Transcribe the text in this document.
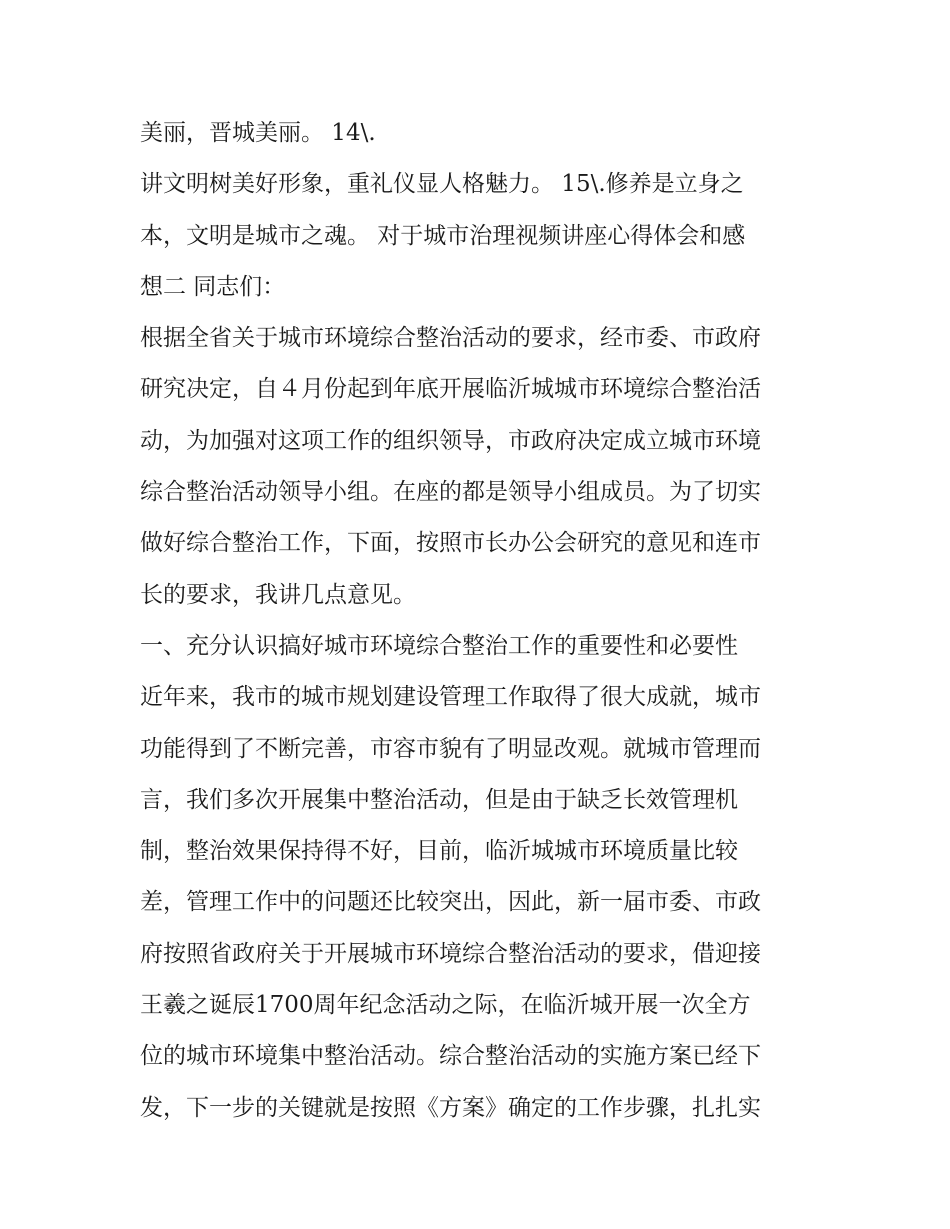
美丽，晋城美丽。 14\.
讲文明树美好形象，重礼仪显人格魅力。 15\.修养是立身之
本，文明是城市之魂。 对于城市治理视频讲座心得体会和感
想二 同志们：
根据全省关于城市环境综合整治活动的要求，经市委、市政府
研究决定，自４月份起到年底开展临沂城城市环境综合整治活
动，为加强对这项工作的组织领导，市政府决定成立城市环境
综合整治活动领导小组。在座的都是领导小组成员。为了切实
做好综合整治工作，下面，按照市长办公会研究的意见和连市
长的要求，我讲几点意见。
一、充分认识搞好城市环境综合整治工作的重要性和必要性
近年来，我市的城市规划建设管理工作取得了很大成就，城市
功能得到了不断完善，市容市貌有了明显改观。就城市管理而
言，我们多次开展集中整治活动，但是由于缺乏长效管理机
制，整治效果保持得不好，目前，临沂城城市环境质量比较
差，管理工作中的问题还比较突出，因此，新一届市委、市政
府按照省政府关于开展城市环境综合整治活动的要求，借迎接
王羲之诞辰1700周年纪念活动之际，在临沂城开展一次全方
位的城市环境集中整治活动。综合整治活动的实施方案已经下
发，下一步的关键就是按照《方案》确定的工作步骤，扎扎实
